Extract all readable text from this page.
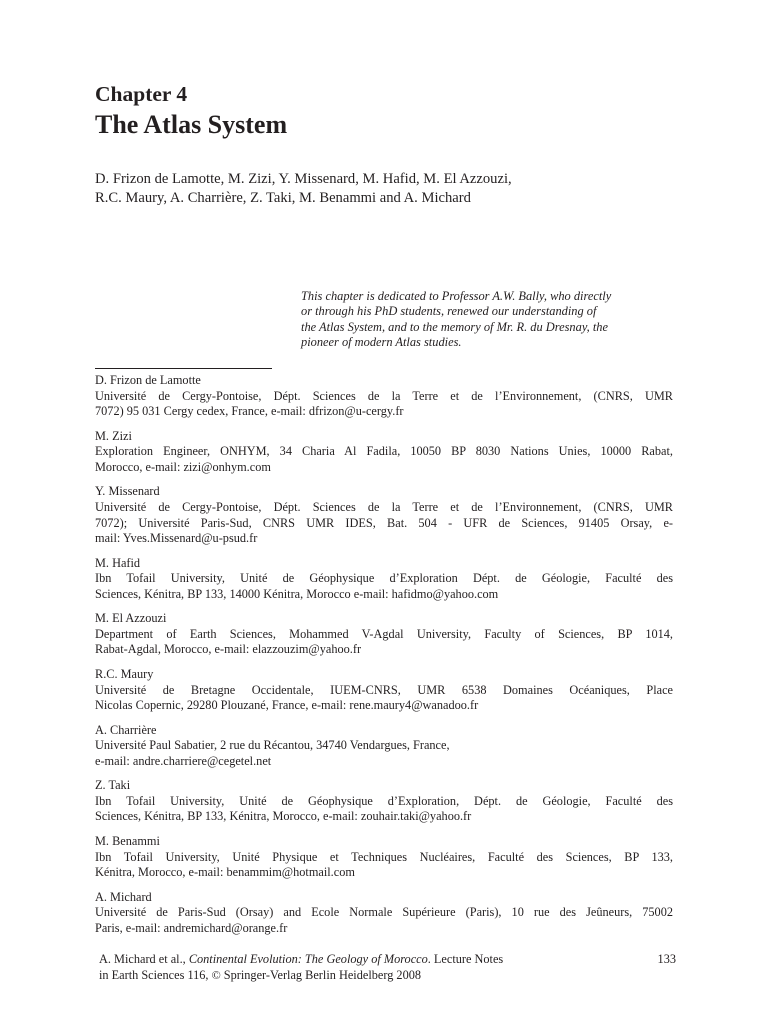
Chapter 4
The Atlas System
D. Frizon de Lamotte, M. Zizi, Y. Missenard, M. Hafid, M. El Azzouzi,
R.C. Maury, A. Charrière, Z. Taki, M. Benammi and A. Michard
This chapter is dedicated to Professor A.W. Bally, who directly
or through his PhD students, renewed our understanding of
the Atlas System, and to the memory of Mr. R. du Dresnay, the
pioneer of modern Atlas studies.
D. Frizon de Lamotte
Université de Cergy-Pontoise, Dépt. Sciences de la Terre et de l’Environnement, (CNRS, UMR
7072) 95 031 Cergy cedex, France, e-mail: dfrizon@u-cergy.fr
M. Zizi
Exploration Engineer, ONHYM, 34 Charia Al Fadila, 10050 BP 8030 Nations Unies, 10000 Rabat,
Morocco, e-mail: zizi@onhym.com
Y. Missenard
Université de Cergy-Pontoise, Dépt. Sciences de la Terre et de l’Environnement, (CNRS, UMR
7072); Université Paris-Sud, CNRS UMR IDES, Bat. 504 - UFR de Sciences, 91405 Orsay, e-
mail: Yves.Missenard@u-psud.fr
M. Hafid
Ibn Tofail University, Unité de Géophysique d’Exploration Dépt. de Géologie, Faculté des
Sciences, Kénitra, BP 133, 14000 Kénitra, Morocco e-mail: hafidmo@yahoo.com
M. El Azzouzi
Department of Earth Sciences, Mohammed V-Agdal University, Faculty of Sciences, BP 1014,
Rabat-Agdal, Morocco, e-mail: elazzouzim@yahoo.fr
R.C. Maury
Université de Bretagne Occidentale, IUEM-CNRS, UMR 6538 Domaines Océaniques, Place
Nicolas Copernic, 29280 Plouzané, France, e-mail: rene.maury4@wanadoo.fr
A. Charrière
Université Paul Sabatier, 2 rue du Récantou, 34740 Vendargues, France,
e-mail: andre.charriere@cegetel.net
Z. Taki
Ibn Tofail University, Unité de Géophysique d’Exploration, Dépt. de Géologie, Faculté des
Sciences, Kénitra, BP 133, Kénitra, Morocco, e-mail: zouhair.taki@yahoo.fr
M. Benammi
Ibn Tofail University, Unité Physique et Techniques Nucléaires, Faculté des Sciences, BP 133,
Kénitra, Morocco, e-mail: benammim@hotmail.com
A. Michard
Université de Paris-Sud (Orsay) and Ecole Normale Supérieure (Paris), 10 rue des Jeûneurs, 75002
Paris, e-mail: andremichard@orange.fr
A. Michard et al., Continental Evolution: The Geology of Morocco. Lecture Notes
in Earth Sciences 116, © Springer-Verlag Berlin Heidelberg 2008
133
